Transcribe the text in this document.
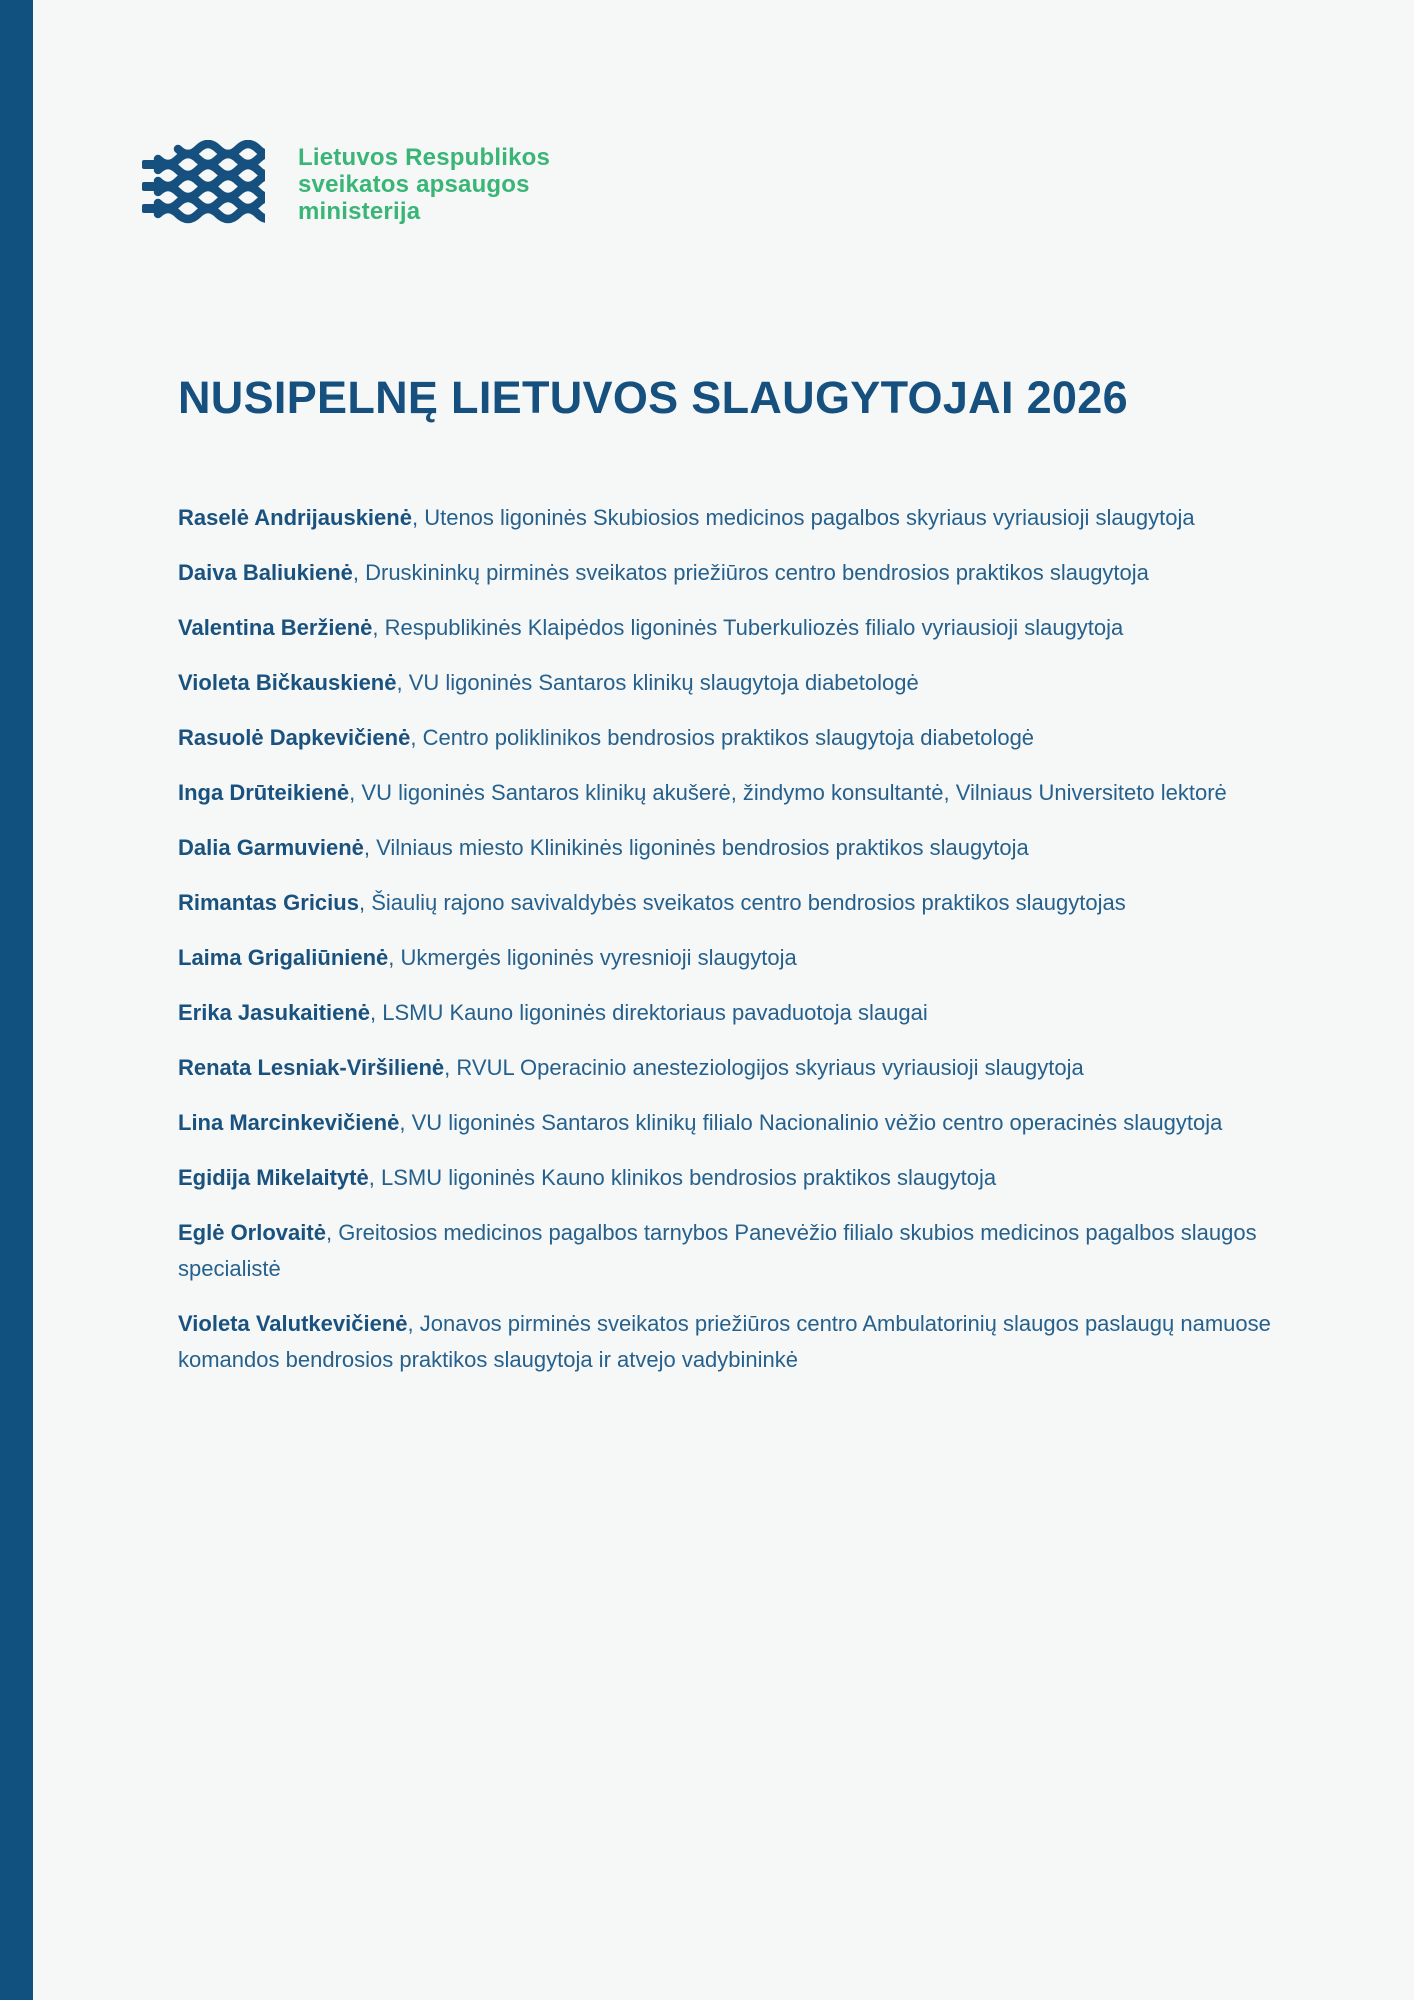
Lietuvos Respublikos
sveikatos apsaugos
ministerija
NUSIPELNĘ LIETUVOS SLAUGYTOJAI 2026
Raselė Andrijauskienė, Utenos ligoninės Skubiosios medicinos pagalbos skyriaus vyriausioji slaugytoja
Daiva Baliukienė, Druskininkų pirminės sveikatos priežiūros centro bendrosios praktikos slaugytoja
Valentina Beržienė, Respublikinės Klaipėdos ligoninės Tuberkuliozės filialo vyriausioji slaugytoja
Violeta Bičkauskienė, VU ligoninės Santaros klinikų slaugytoja diabetologė
Rasuolė Dapkevičienė, Centro poliklinikos bendrosios praktikos slaugytoja diabetologė
Inga Drūteikienė, VU ligoninės Santaros klinikų akušerė, žindymo konsultantė, Vilniaus Universiteto lektorė
Dalia Garmuvienė, Vilniaus miesto Klinikinės ligoninės bendrosios praktikos slaugytoja
Rimantas Gricius, Šiaulių rajono savivaldybės sveikatos centro bendrosios praktikos slaugytojas
Laima Grigaliūnienė, Ukmergės ligoninės vyresnioji slaugytoja
Erika Jasukaitienė, LSMU Kauno ligoninės direktoriaus pavaduotoja slaugai
Renata Lesniak-Viršilienė, RVUL Operacinio anesteziologijos skyriaus vyriausioji slaugytoja
Lina Marcinkevičienė, VU ligoninės Santaros klinikų filialo Nacionalinio vėžio centro operacinės slaugytoja
Egidija Mikelaitytė, LSMU ligoninės Kauno klinikos bendrosios praktikos slaugytoja
Eglė Orlovaitė, Greitosios medicinos pagalbos tarnybos Panevėžio filialo skubios medicinos pagalbos slaugos specialistė
Violeta Valutkevičienė, Jonavos pirminės sveikatos priežiūros centro Ambulatorinių slaugos paslaugų namuose komandos bendrosios praktikos slaugytoja ir atvejo vadybininkė
